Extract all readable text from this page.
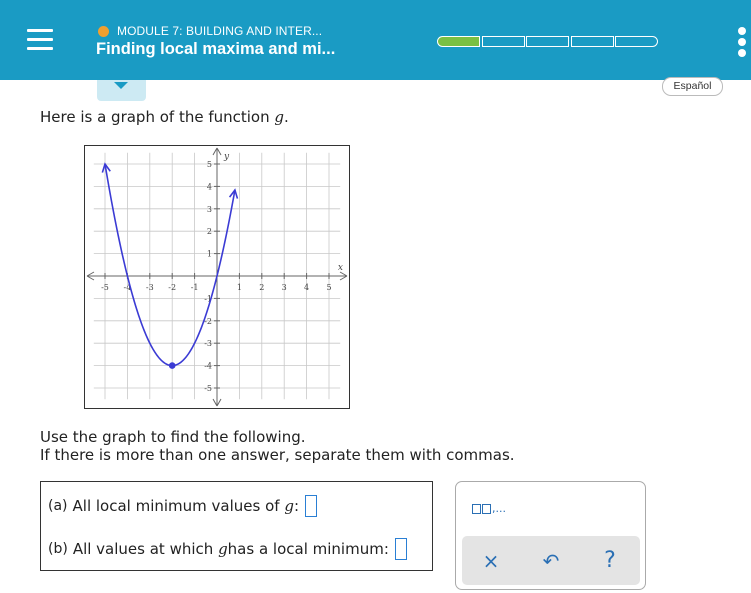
MODULE 7: BUILDING AND INTER...
Finding local maxima and mi...
Español
Here is a graph of the function g.
-5 -4 -3 -2 -1	1 2 3 4 5
5
4
3
2
1
-1
-2
-3
-4
-5
x
y
Use the graph to find the following.
If there is more than one answer, separate them with commas.
(a) All local minimum values of
g :
(b) All values at which
g has a local minimum:
,...
×	↶	?
